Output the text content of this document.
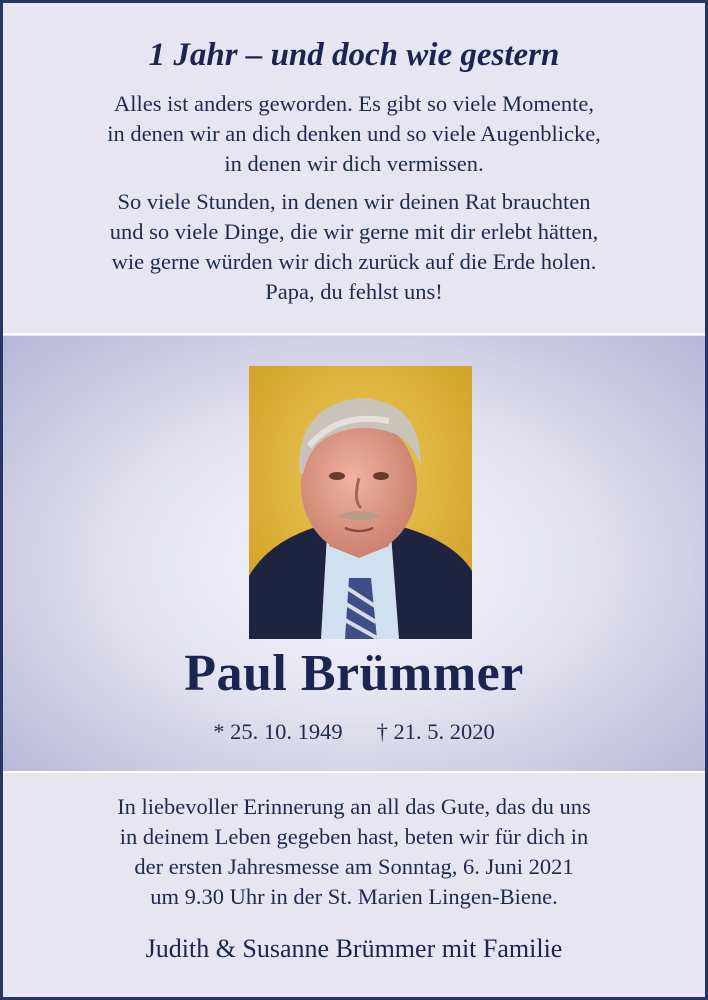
1 Jahr – und doch wie gestern

Alles ist anders geworden. Es gibt so viele Momente,
in denen wir an dich denken und so viele Augenblicke,
in denen wir dich vermissen.

So viele Stunden, in denen wir deinen Rat brauchten
und so viele Dinge, die wir gerne mit dir erlebt hätten,
wie gerne würden wir dich zurück auf die Erde holen.
Papa, du fehlst uns!

Paul Brümmer
* 25. 10. 1949 † 21. 5. 2020

In liebevoller Erinnerung an all das Gute, das du uns

in deinem Leben gegeben hast, beten wir für dich in

der ersten Jahresmesse am Sonntag, 6. Juni 2021

um 9.30 Uhr in der St. Marien Lingen-Biene.

Judith & Susanne Brümmer mit Familie
